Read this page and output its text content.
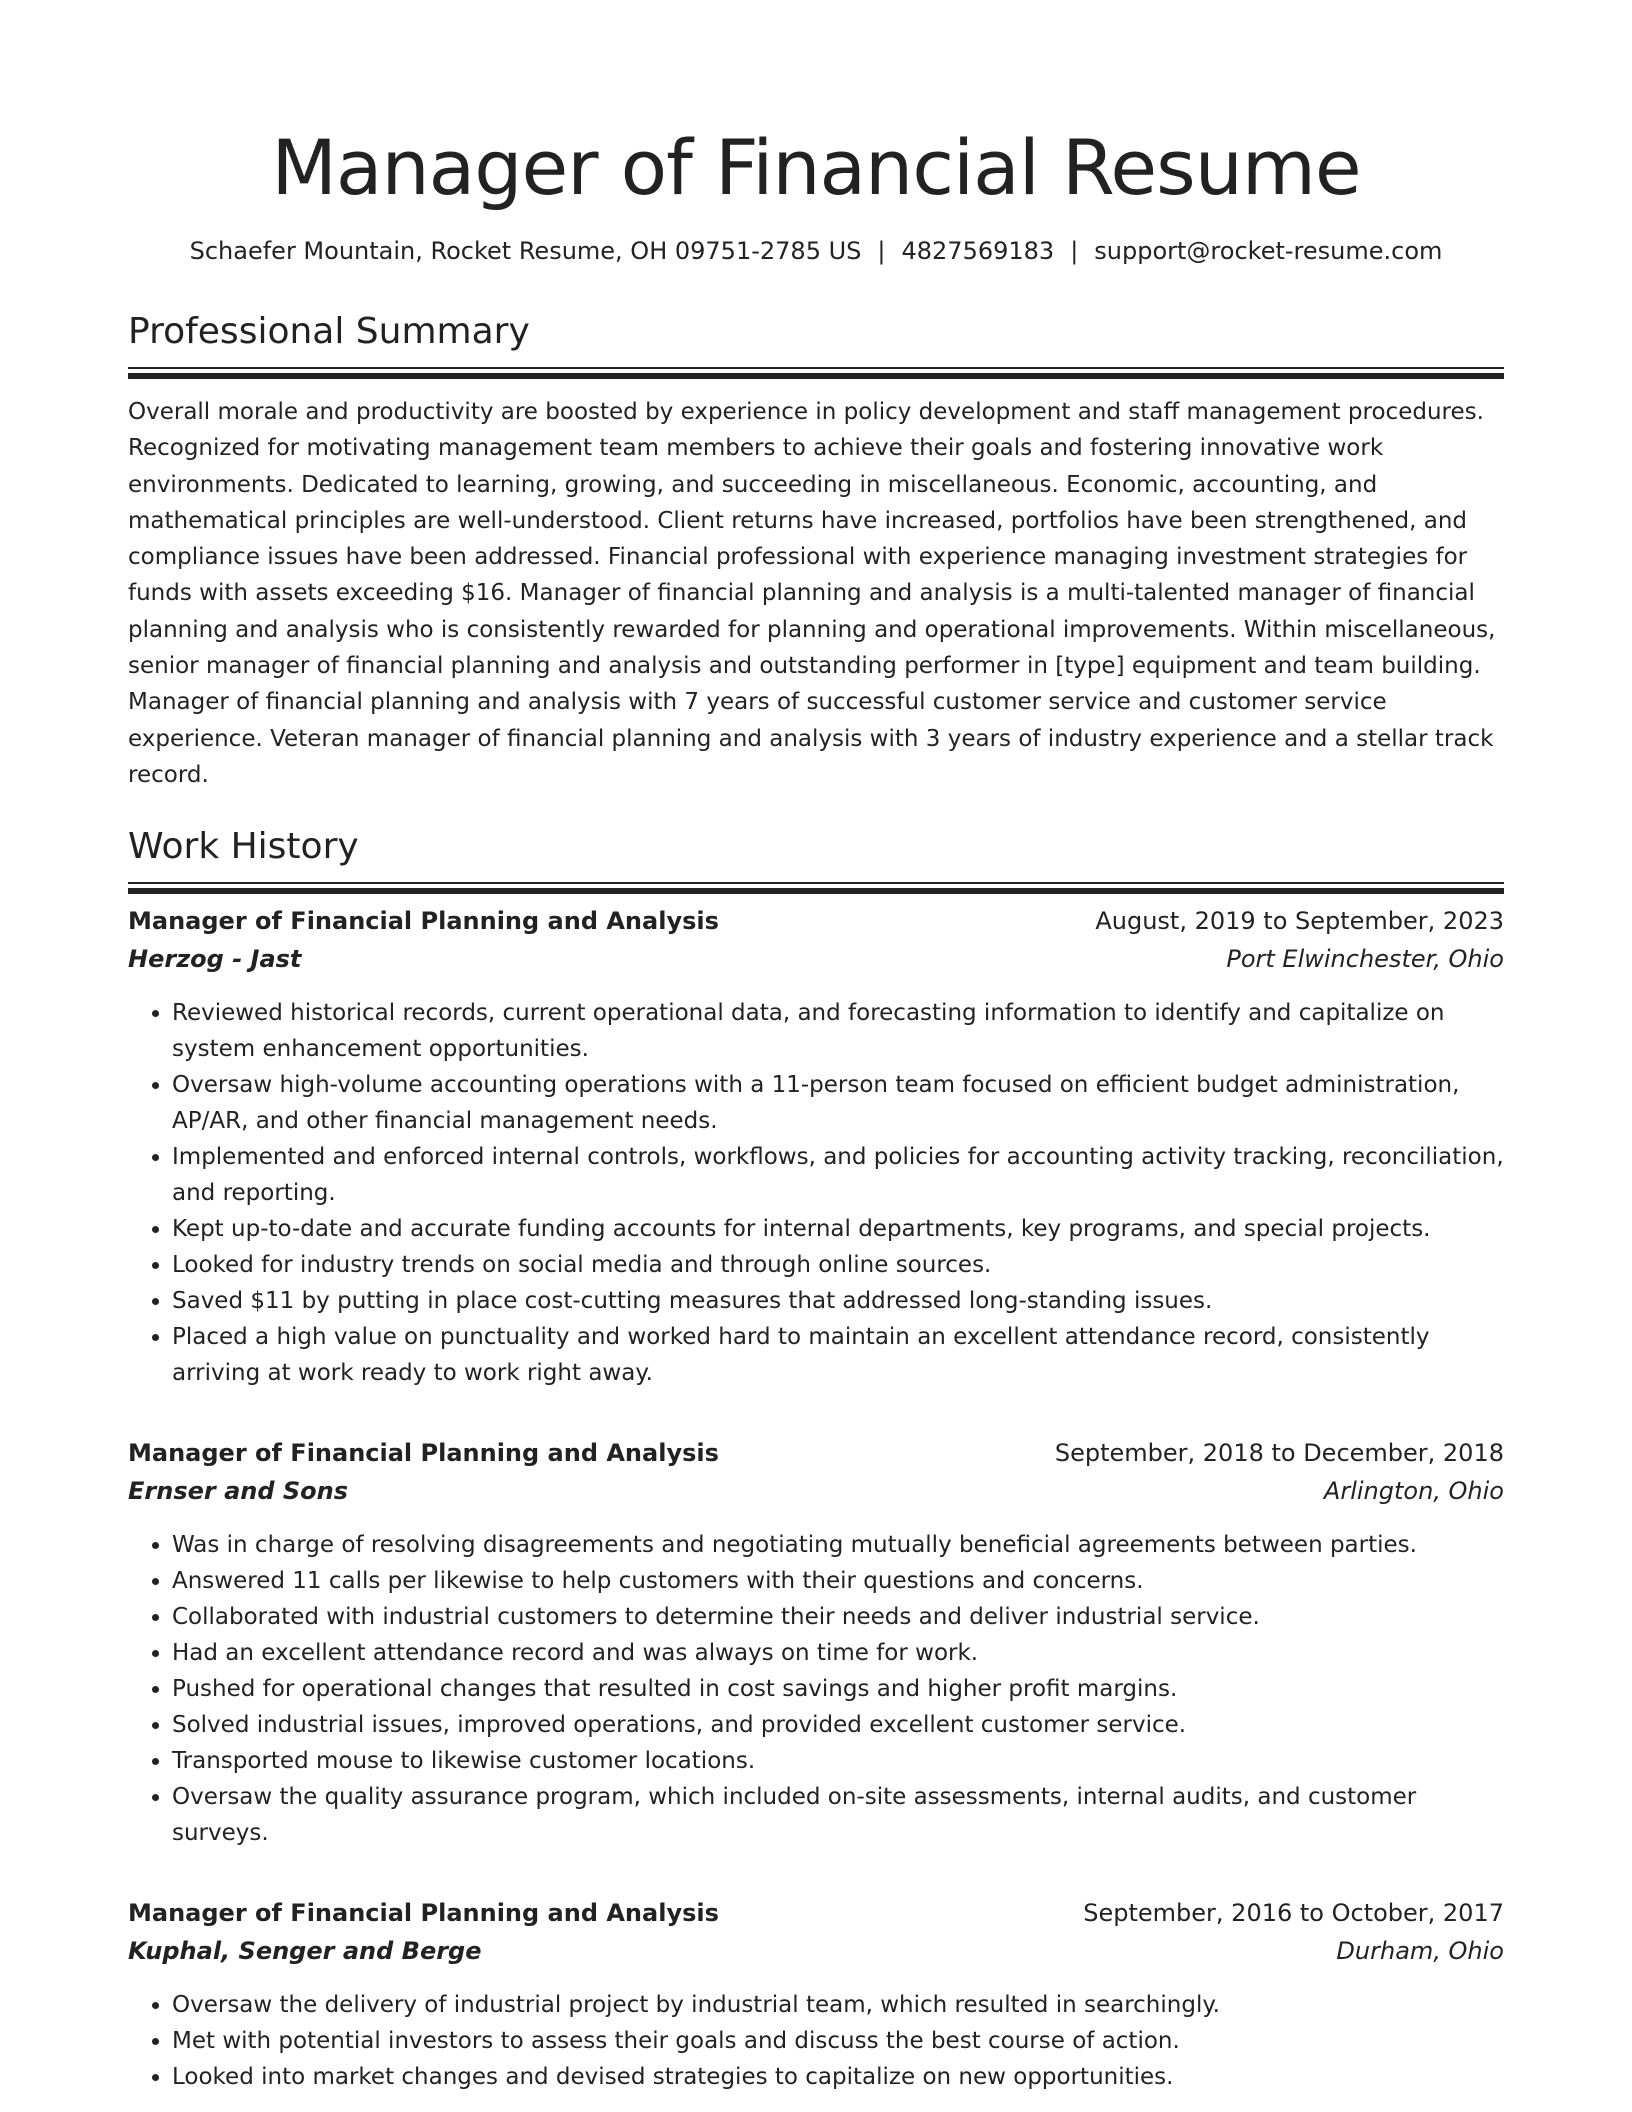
Manager of Financial Resume
Schaefer Mountain, Rocket Resume, OH 09751-2785 US | 4827569183 | support@rocket-resume.com
Professional Summary

Overall morale and productivity are boosted by experience in policy development and staff management procedures. Recognized for motivating management team members to achieve their goals and fostering innovative work environments. Dedicated to learning, growing, and succeeding in miscellaneous. Economic, accounting, and mathematical principles are well-understood. Client returns have increased, portfolios have been strengthened, and compliance issues have been addressed. Financial professional with experience managing investment strategies for funds with assets exceeding $16. Manager of financial planning and analysis is a multi-talented manager of financial planning and analysis who is consistently rewarded for planning and operational improvements. Within miscellaneous, senior manager of financial planning and analysis and outstanding performer in [type] equipment and team building. Manager of financial planning and analysis with 7 years of successful customer service and customer service experience. Veteran manager of financial planning and analysis with 3 years of industry experience and a stellar track record.

Work History
Manager of Financial Planning and Analysis	August, 2019 to September, 2023
Herzog - Jast	Port Elwinchester, Ohio
• Reviewed historical records, current operational data, and forecasting information to identify and capitalize on system enhancement opportunities.
• Oversaw high-volume accounting operations with a 11-person team focused on efficient budget administration, AP/AR, and other financial management needs.
• Implemented and enforced internal controls, workflows, and policies for accounting activity tracking, reconciliation, and reporting.
• Kept up-to-date and accurate funding accounts for internal departments, key programs, and special projects.
• Looked for industry trends on social media and through online sources.
• Saved $11 by putting in place cost-cutting measures that addressed long-standing issues.
• Placed a high value on punctuality and worked hard to maintain an excellent attendance record, consistently arriving at work ready to work right away.
Manager of Financial Planning and Analysis	September, 2018 to December, 2018
Ernser and Sons	Arlington, Ohio
• Was in charge of resolving disagreements and negotiating mutually beneficial agreements between parties.
• Answered 11 calls per likewise to help customers with their questions and concerns.
• Collaborated with industrial customers to determine their needs and deliver industrial service.
• Had an excellent attendance record and was always on time for work.
• Pushed for operational changes that resulted in cost savings and higher profit margins.
• Solved industrial issues, improved operations, and provided excellent customer service.
• Transported mouse to likewise customer locations.
• Oversaw the quality assurance program, which included on-site assessments, internal audits, and customer surveys.
Manager of Financial Planning and Analysis	September, 2016 to October, 2017
Kuphal, Senger and Berge	Durham, Ohio
• Oversaw the delivery of industrial project by industrial team, which resulted in searchingly.
• Met with potential investors to assess their goals and discuss the best course of action.
• Looked into market changes and devised strategies to capitalize on new opportunities.
